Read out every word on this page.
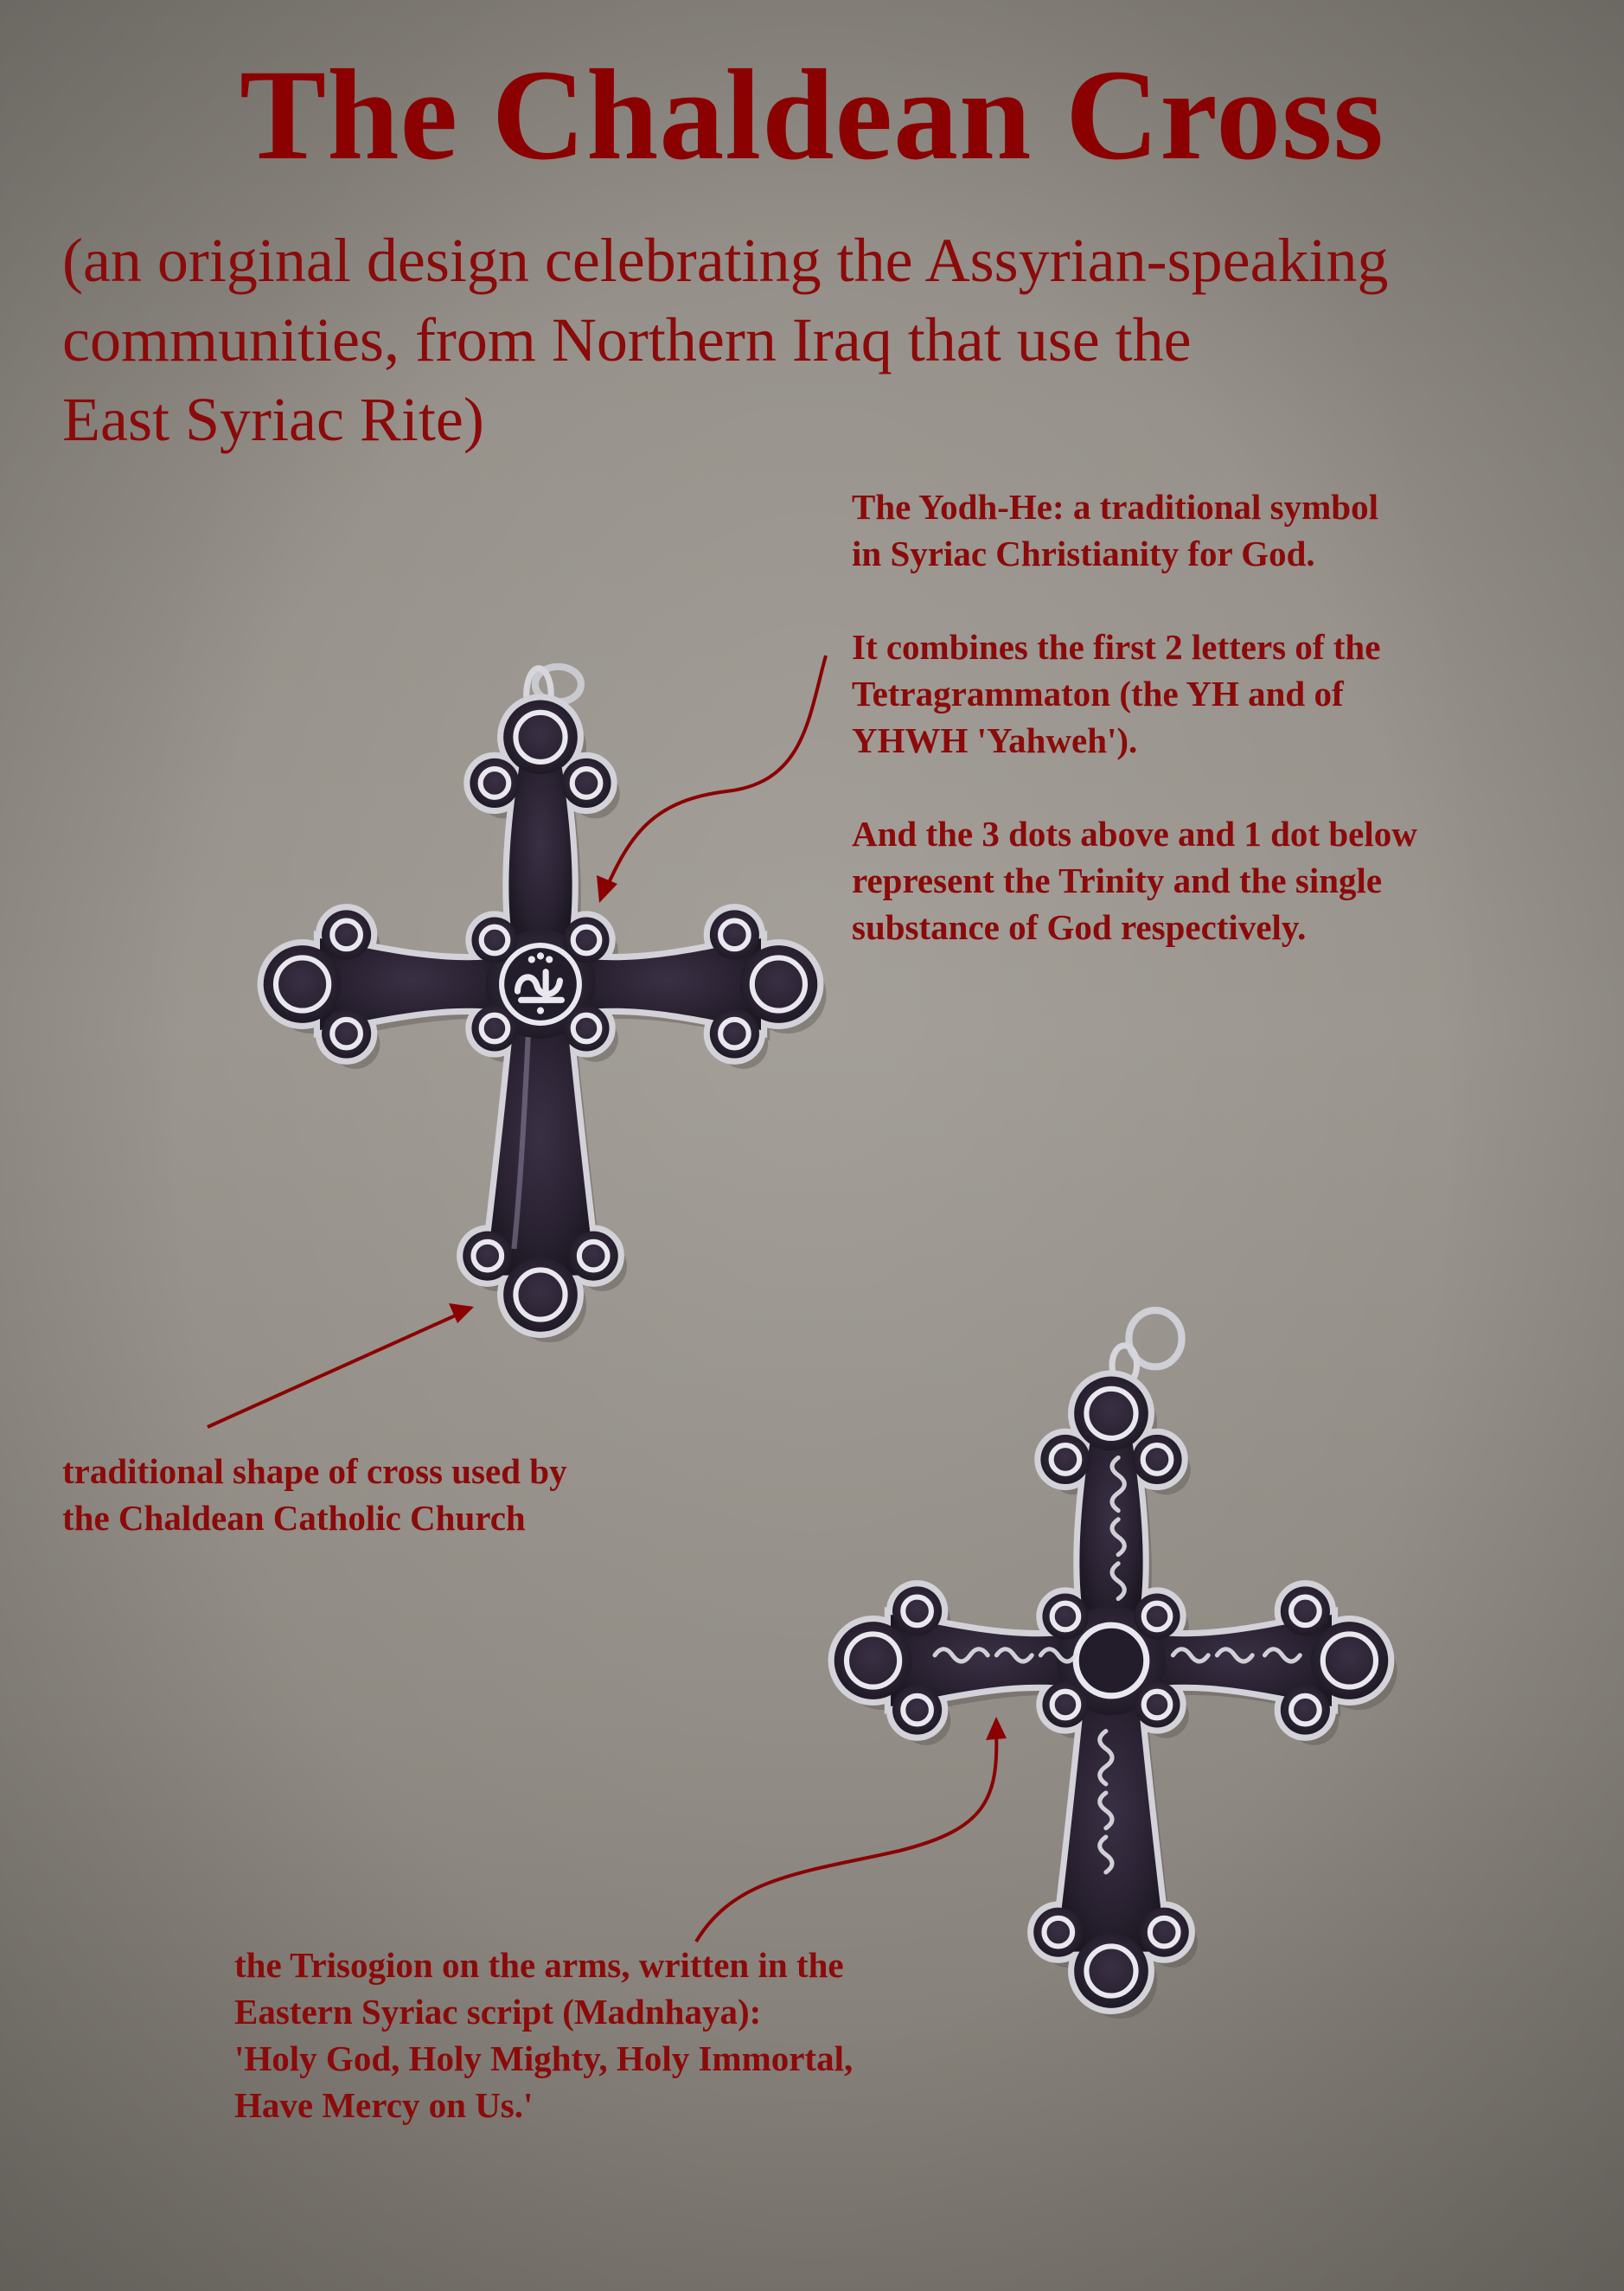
The Chaldean Cross

(an original design celebrating the Assyrian-speaking
communities, from Northern Iraq that use the
East Syriac Rite)

The Yodh-He: a traditional symbol
in Syriac Christianity for God.
It combines the first 2 letters of the
Tetragrammaton (the YH and of
YHWH 'Yahweh').
And the 3 dots above and 1 dot below
represent the Trinity and the single
substance of God respectively.
traditional shape of cross used by
the Chaldean Catholic Church
the Trisogion on the arms, written in the
Eastern Syriac script (Madnhaya):
'Holy God, Holy Mighty, Holy Immortal,
Have Mercy on Us.'
